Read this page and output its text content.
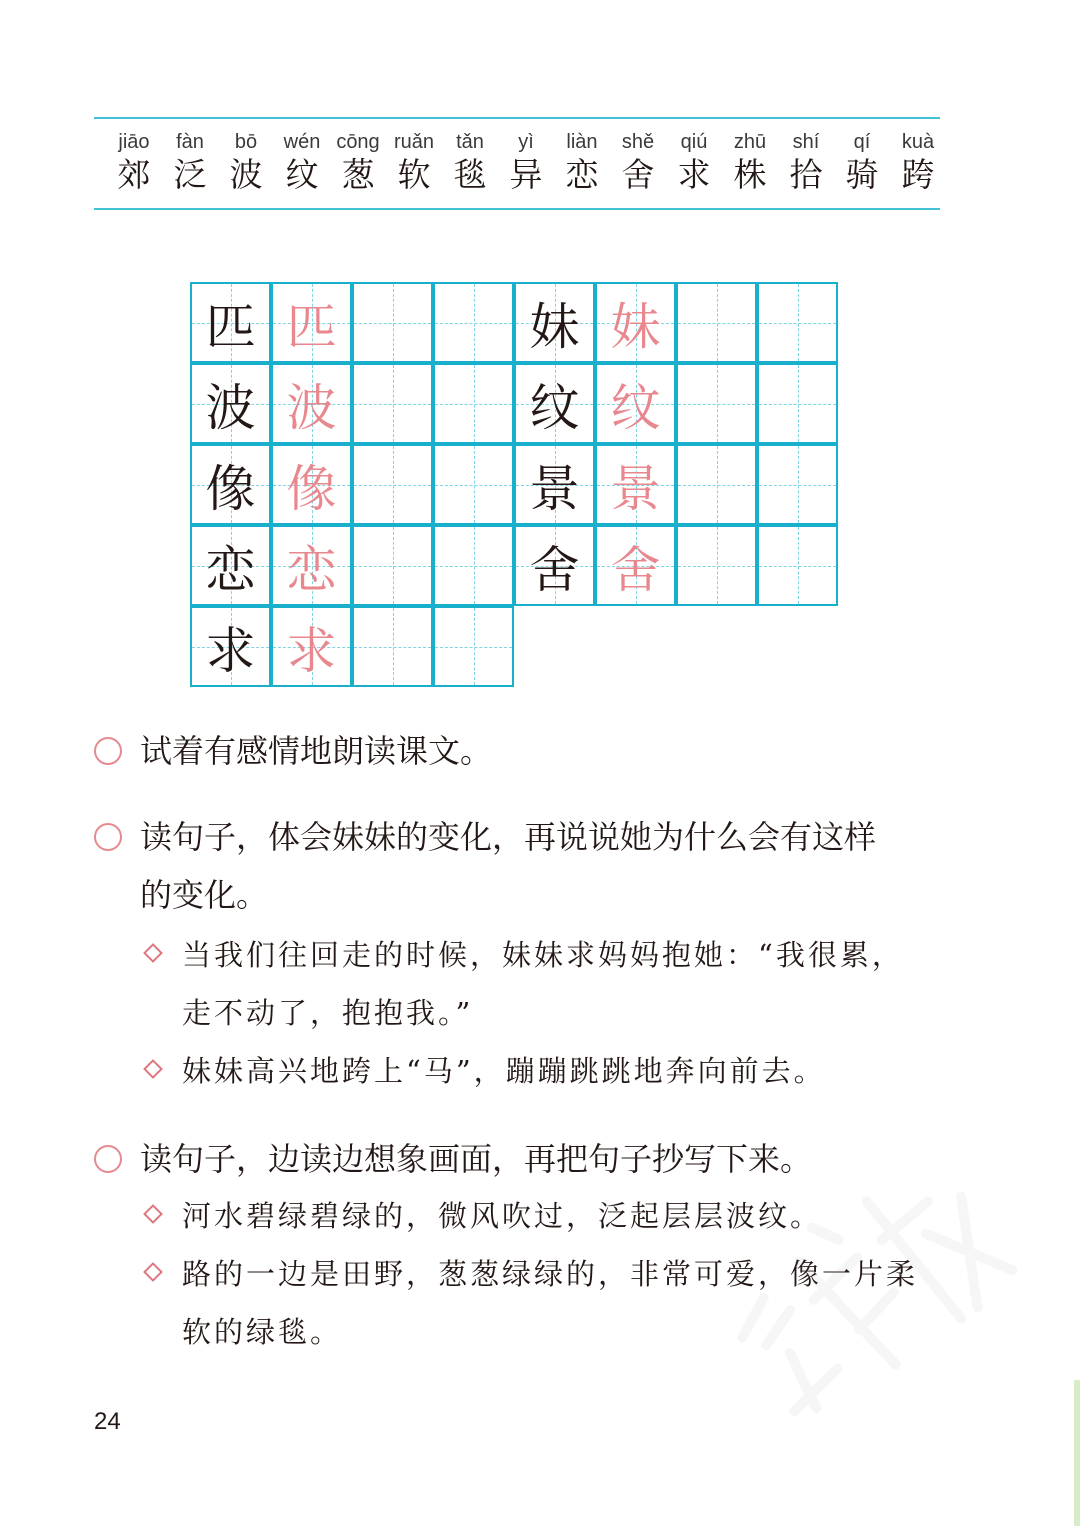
jiāo
郊
fàn
泛
bō
波
wén
纹
cōng
葱
ruǎn
软
tǎn
毯
yì
异
liàn
恋
shě
舍
qiú
求
zhū
株
shí
拾
qí
骑
kuà
跨
匹 匹
波 波
像 像
恋 恋
求 求
妹 妹
纹 纹
景 景
舍 舍
试着有感情地朗读课文。
读句子，体会妹妹的变化，再说说她为什么会有这样
的变化。
当我们往回走的时候，妹妹求妈妈抱她：“我很累，
走不动了，抱抱我。”
妹妹高兴地跨上“马”，蹦蹦跳跳地奔向前去。
读句子，边读边想象画面，再把句子抄写下来。
河水碧绿碧绿的，微风吹过，泛起层层波纹。
路的一边是田野，葱葱绿绿的，非常可爱，像一片柔
软的绿毯。
24
